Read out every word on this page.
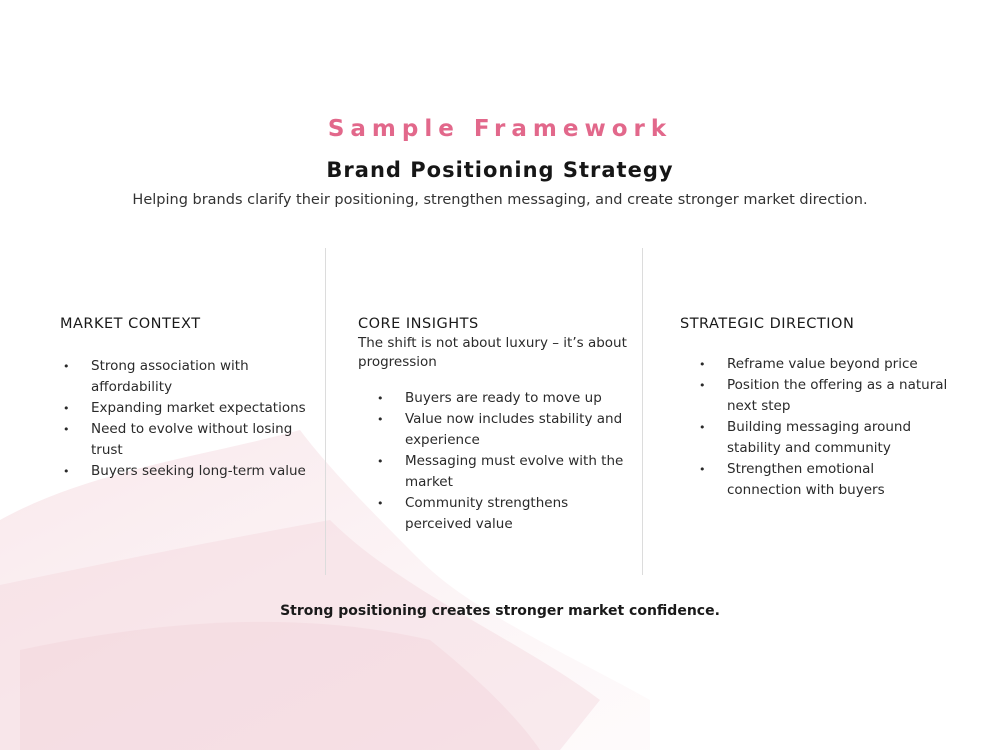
Sample Framework
Brand Positioning Strategy
Helping brands clarify their positioning, strengthen messaging, and create stronger market direction.

MARKET CONTEXT

• Strong association with affordability
• Expanding market expectations
• Need to evolve without losing trust
• Buyers seeking long-term value

CORE INSIGHTS

The shift is not about luxury – it’s about progression

• Buyers are ready to move up
• Value now includes stability and experience
• Messaging must evolve with the market
• Community strengthens perceived value

STRATEGIC DIRECTION

• Reframe value beyond price
• Position the offering as a natural next step
• Building messaging around stability and community
• Strengthen emotional connection with buyers
Strong positioning creates stronger market confidence.
